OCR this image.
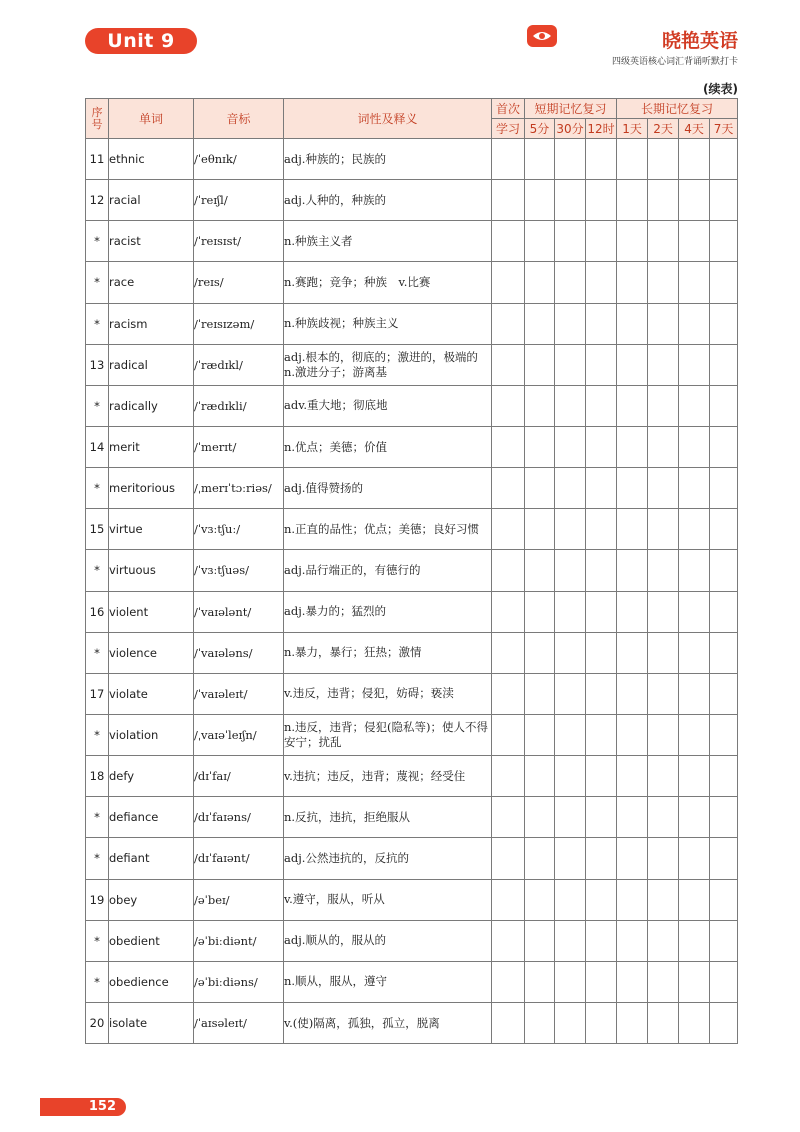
Unit 9	晓艳英语
四级英语核心词汇背诵听默打卡
(续表)
序号	单词	音标	词性及释义	首次	短期记忆复习			长期记忆复习			
				学习	5分	30分	12时	1天	2天	4天	7天
11	ethnic	/ˈeθnɪk/	adj.种族的；民族的								
12	racial	/ˈreɪʃl/	adj.人种的，种族的								
*	racist	/ˈreɪsɪst/	n.种族主义者								
*	race	/reɪs/	n.赛跑；竞争；种族　v.比赛								
*	racism	/ˈreɪsɪzəm/	n.种族歧视；种族主义								
13	radical	/ˈrædɪkl/	adj.根本的，彻底的；激进的，极端的 n.激进分子；游离基								
*	radically	/ˈrædɪkli/	adv.重大地；彻底地								
14	merit	/ˈmerɪt/	n.优点；美德；价值								
*	meritorious	/ˌmerɪˈtɔːriəs/	adj.值得赞扬的								
15	virtue	/ˈvɜːtʃuː/	n.正直的品性；优点；美德；良好习惯								
*	virtuous	/ˈvɜːtʃuəs/	adj.品行端正的，有德行的								
16	violent	/ˈvaɪələnt/	adj.暴力的；猛烈的								
*	violence	/ˈvaɪələns/	n.暴力，暴行；狂热；激情								
17	violate	/ˈvaɪəleɪt/	v.违反，违背；侵犯，妨碍；亵渎								
*	violation	/ˌvaɪəˈleɪʃn/	n.违反，违背；侵犯(隐私等)；使人不得安宁；扰乱								
18	defy	/dɪˈfaɪ/	v.违抗；违反，违背；蔑视；经受住								
*	defiance	/dɪˈfaɪəns/	n.反抗，违抗，拒绝服从								
*	defiant	/dɪˈfaɪənt/	adj.公然违抗的，反抗的								
19	obey	/əˈbeɪ/	v.遵守，服从，听从								
*	obedient	/əˈbiːdiənt/	adj.顺从的，服从的								
*	obedience	/əˈbiːdiəns/	n.顺从，服从，遵守								
20	isolate	/ˈaɪsəleɪt/	v.(使)隔离，孤独，孤立，脱离								
152
